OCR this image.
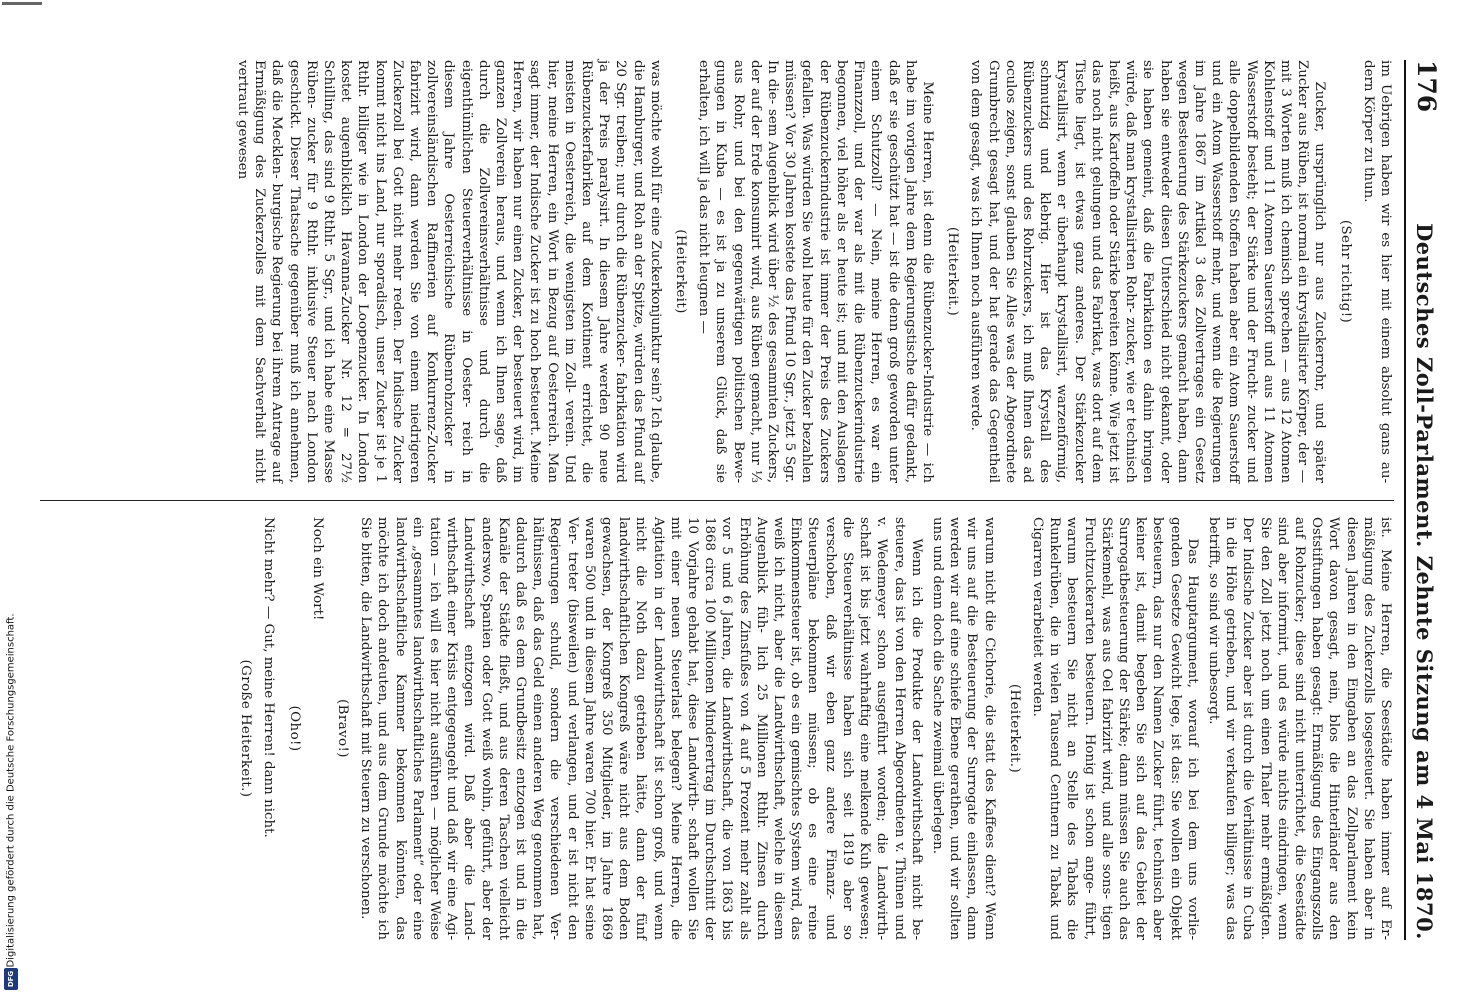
176
Deutsches Zoll-Parlament. Zehnte Sitzung am 4 Mai 1870.

im Uebrigen haben wir es hier mit einem absolut gans au- dern Körper zu thun.

(Sehr richtig!)

Zucker, ursprünglich nur aus Zuckerrohr, und später Zucker aus Rüben, ist normal ein krystallisirter Körper, der — mit 3 Worten muß ich chemisch sprechen — aus 12 Atomen Kohlenstoff und 11 Atomen Sauerstoff und aus 11 Atomen Wasserstoff besteht; der Stärke und der Frucht- zucker und alle doppelbildenden Stoffen haben aber ein Atom Sauerstoff und ein Atom Wasserstoff mehr, und wenn die Regierungen im Jahre 1867 im Artikel 3 des Zollvertrages ein Gesetz wegen Besteuerung des Stärkezuckers gemacht haben, dann haben sie entweder diesen Unterschied nicht gekannt, oder sie haben gemeint, daß die Fabrikation es dahin bringen würde, daß man krystallisirten Rohr- zucker, wie er technisch heißt, aus Kartoffeln oder Stärke bereiten könne. Wie jetzt ist das noch nicht gelungen und das Fabrikat, was dort auf dem Tische liegt, ist etwas ganz anderes. Der Stärkezucker krystallisirt, wenn er überhaupt krystallisirt, warzenförmig, schmutzig und klebrig. Hier ist das Krystall des Rübenzuckers und des Rohrzuckers, ich muß Ihnen das ad oculos zeigen, sonst glauben Sie Alles was der Abgeordnete Grumbrecht gesagt hat, und der hat gerade das Gegentheil von dem gesagt, was ich Ihnen noch ausführen werde.

(Heiterkeit.)

Meine Herren, ist denn die Rübenzucker-Industrie — ich habe im vorigen Jahre dem Regierungstische dafür gedankt, daß er sie geschützt hat — ist die denn groß geworden unter einem Schutzzoll? — Nein, meine Herren, es war ein Finanzzoll, und der war als mit die Rübenzuckerindustrie begonnen, viel höher als er heute ist; und mit den Auslagen der Rübenzuckerindustrie ist immer der Preis des Zuckers gefallen. Was würden Sie wohl heute für den Zucker bezahlen müssen? Vor 30 Jahren kostete das Pfund 10 Sgr., jetzt 5 Sgr. In die- sem Augenblick wird über ½ des gesammten Zuckers, der auf der Erde konsumirt wird, aus Rüben gemacht, nur ⅓ aus Rohr, und bei den gegenwärtigen politischen Bewe- gungen in Kuba — es ist ja zu unserem Glück, daß sie erhalten, ich will ja das nicht leugnen —

(Heiterkeit)

was möchte wohl für eine Zuckerkonjunktur sein? Ich glaube, die Hamburger, und Roh an der Spitze, würden das Pfund auf 20 Sgr. treiben; nur durch die Rübenzucker- fabrikation wird ja der Preis paralysirt. In diesem Jahre werden 90 neue Rübenzuckerfabriken auf dem Kontinent errichtet, die meisten in Oesterreich, die wenigsten im Zoll- verein. Und hier, meine Herren, ein Wort in Bezug auf Oesterreich. Man sagt immer, der Indische Zucker ist zu hoch besteuert. Meine Herren, wir haben nur einen Zucker, der besteuert wird, im ganzen Zollverein heraus, und wenn ich Ihnen sage, daß durch die Zollvereinsverhältnisse und durch die eigenthümlichen Steuerverhältnisse in Oester- reich in diesem Jahre Oesterreichische Rübenrohzucker in zollvereinsländischen Raffinerien auf Konkurrenz-Zucker fabrizirt wird, dann werden Sie von einem niedrigeren Zuckerzoll bei Gott nicht mehr reden. Der Indische Zucker kommt nicht ins Land, nur sporadisch, unser Zucker ist je 1 Rthlr. billiger wie in London der Loopenzucker. In London kostet augenblicklich Havanna-Zucker Nr. 12 = 27½ Schilling, das sind 9 Rthlr. 5 Sgr., und ich habe eine Masse Rüben- zucker für 9 Rthlr. inklusive Steuer nach London geschickt. Dieser Thatsache gegenüber muß ich annehmen, daß die Mecklen- burgische Regierung bei ihrem Antrage auf Ermäßigung des Zuckerzolles mit dem Sachverhalt nicht vertraut gewesen

ist. Meine Herren, die Seestädte haben immer auf Er- mäßigung des Zuckerzolls losgesteuert. Sie haben aber in diesen Jahren in den Eingaben an das Zollparlament kein Wort davon gesagt, nein, blos die Hinterländer aus den Oststiftungen haben gesagt: Ermäßigung des Eingangszolls auf Rohzucker; diese sind nicht unterrichtet, die Seestädte sind aber informirt, und es würde nichts eindringen, wenn Sie den Zoll jetzt noch um einen Thaler mehr ermäßigten. Der Indische Zucker aber ist durch die Verhältnisse in Cuba in die Höhe getrieben, und wir verkaufen billiger; was das betrifft, so sind wir unbesorgt.

Das Hauptargument, worauf ich bei dem uns vorlie- genden Gesetze Gewicht lege, ist das: Sie wollen ein Objekt besteuern, das nur den Namen Zucker führt, technisch aber keiner ist, damit begeben Sie sich auf das Gebiet der Surrogatbesteuerung der Stärke; dann müssen Sie auch das Stärkemehl, was aus Oel fabrizirt wird, und alle sons- tigen Fruchtzuckerarten besteuern. Honig ist schon ange- führt, warum besteuern Sie nicht an Stelle des Tabaks die Runkelrüben, die in vielen Tausend Centnern zu Tabak und Cigarren verarbeitet werden.

(Heiterkeit.)

warum nicht die Cichorie, die statt des Kaffees dient? Wenn wir uns auf die Besteuerung der Surrogate einlassen, dann werden wir auf eine schiefe Ebene gerathen, und wir sollten uns und denn doch die Sache zweimal überlegen.

Wenn ich die Produkte der Landwirthschaft nicht be- steuere, das ist von den Herren Abgeordneten v. Thünen und v. Wedemeyer schon ausgeführt worden; die Landwirth- schaft ist bis jetzt wahrhaftig eine melkende Kuh gewesen; die Steuerverhältnisse haben sich seit 1819 aber so verschoben, daß wir eben ganz andere Finanz- und Steuerpläne bekommen müssen; ob es eine reine Einkommensteuer ist, ob es ein gemischtes System wird, das weiß ich nicht, aber die Landwirthschaft, welche in diesem Augenblick füh- lich 25 Millionen Rthlr. Zinsen durch Erhöhung des Zinsfußes von 4 auf 5 Prozent mehr zahlt als vor 5 und 6 Jahren, die Landwirthschaft, die von 1863 bis 1868 circa 100 Millionen Minderertrag im Durchschnitt der 10 Vorjahre gehabt hat, diese Landwirth- schaft wollen Sie mit einer neuen Steuerlast belegen? Meine Herren, die Agitation in der Landwirthschaft ist schon groß, und wenn nicht die Noth dazu getrieben hätte, dann der fünf landwirthschaftlichen Kongreß wäre nicht aus dem Boden gewachsen, der Kongreß 350 Mitglieder, im Jahre 1869 waren 500 und in diesem Jahre waren 700 hier. Er hat seine Ver- treter (bisweilen) und verlangen, und er ist nicht den Regierungen schuld, sondern die verschiedenen Ver- hältnissen, daß das Geld einen anderen Weg genommen hat, dadurch daß es dem Grundbesitz entzogen ist und in die Kanäle der Städte fließt, und aus deren Taschen vielleicht anderswo, Spanien oder Gott weiß wohin, geführt, aber der Landwirthschaft entzogen wird. Daß aber die Land- wirthschaft einer Krisis entgegengeht und daß wir eine Agi- tation — ich will es hier nicht ausführen — möglicher Weise ein „gesammtes landwirthschaftliches Parlament“ oder eine landwirthschaftliche Kammer bekommen könnten, das möchte ich doch andeuten, und aus dem Grunde möchte ich Sie bitten, die Landwirthschaft mit Steuern zu verschonen.

(Bravo!)

Noch ein Wort!

(Oho!)

Nicht mehr? — Gut, meine Herren! dann nicht.

(Große Heiterkeit.)
Digitalisierung gefördert durch die Deutsche Forschungsgemeinschaft.
DFG
